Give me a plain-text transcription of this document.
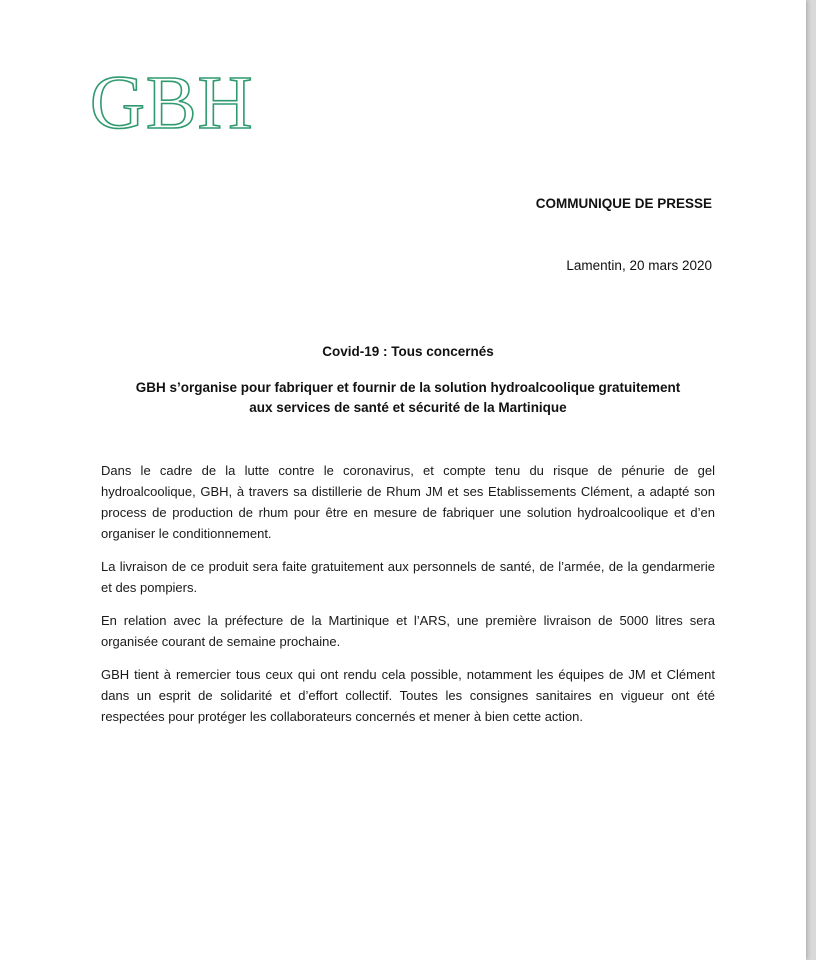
GBH
COMMUNIQUE DE PRESSE
Lamentin, 20 mars 2020
Covid-19 : Tous concernés
GBH s’organise pour fabriquer et fournir de la solution hydroalcoolique gratuitement
aux services de santé et sécurité de la Martinique

Dans le cadre de la lutte contre le coronavirus, et compte tenu du risque de pénurie de gel hydroalcoolique, GBH, à travers sa distillerie de Rhum JM et ses Etablissements Clément, a adapté son process de production de rhum pour être en mesure de fabriquer une solution hydroalcoolique et d’en organiser le conditionnement.

La livraison de ce produit sera faite gratuitement aux personnels de santé, de l’armée, de la gendarmerie et des pompiers.

En relation avec la préfecture de la Martinique et l’ARS, une première livraison de 5000 litres sera organisée courant de semaine prochaine.

GBH tient à remercier tous ceux qui ont rendu cela possible, notamment les équipes de JM et Clément dans un esprit de solidarité et d’effort collectif. Toutes les consignes sanitaires en vigueur ont été respectées pour protéger les collaborateurs concernés et mener à bien cette action.
